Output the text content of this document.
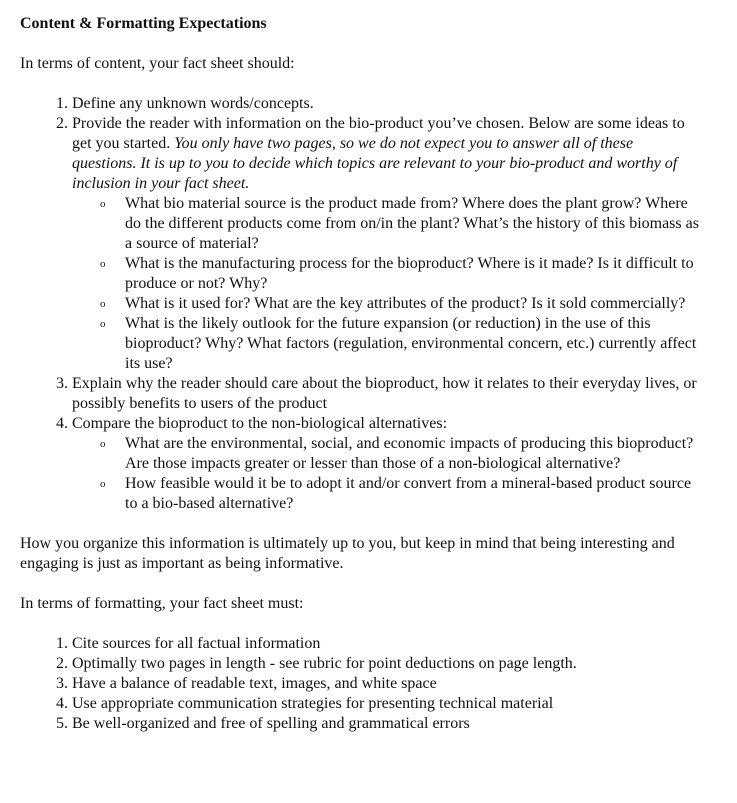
Content & Formatting Expectations

In terms of content, your fact sheet should:

1. Define any unknown words/concepts.
2. Provide the reader with information on the bio-product you’ve chosen. Below are some ideas to get you started. You only have two pages, so we do not expect you to answer all of these questions. It is up to you to decide which topics are relevant to your bio-product and worthy of inclusion in your fact sheet.
o What bio material source is the product made from? Where does the plant grow? Where do the different products come from on/in the plant? What’s the history of this biomass as a source of material?
o What is the manufacturing process for the bioproduct? Where is it made? Is it difficult to produce or not? Why?
o What is it used for? What are the key attributes of the product? Is it sold commercially?
o What is the likely outlook for the future expansion (or reduction) in the use of this bioproduct? Why? What factors (regulation, environmental concern, etc.) currently affect its use?
3. Explain why the reader should care about the bioproduct, how it relates to their everyday lives, or possibly benefits to users of the product
4. Compare the bioproduct to the non-biological alternatives:
o What are the environmental, social, and economic impacts of producing this bioproduct? Are those impacts greater or lesser than those of a non-biological alternative?
o How feasible would it be to adopt it and/or convert from a mineral-based product source to a bio-based alternative?

How you organize this information is ultimately up to you, but keep in mind that being interesting and engaging is just as important as being informative.

In terms of formatting, your fact sheet must:

1. Cite sources for all factual information
2. Optimally two pages in length - see rubric for point deductions on page length.
3. Have a balance of readable text, images, and white space
4. Use appropriate communication strategies for presenting technical material
5. Be well-organized and free of spelling and grammatical errors
